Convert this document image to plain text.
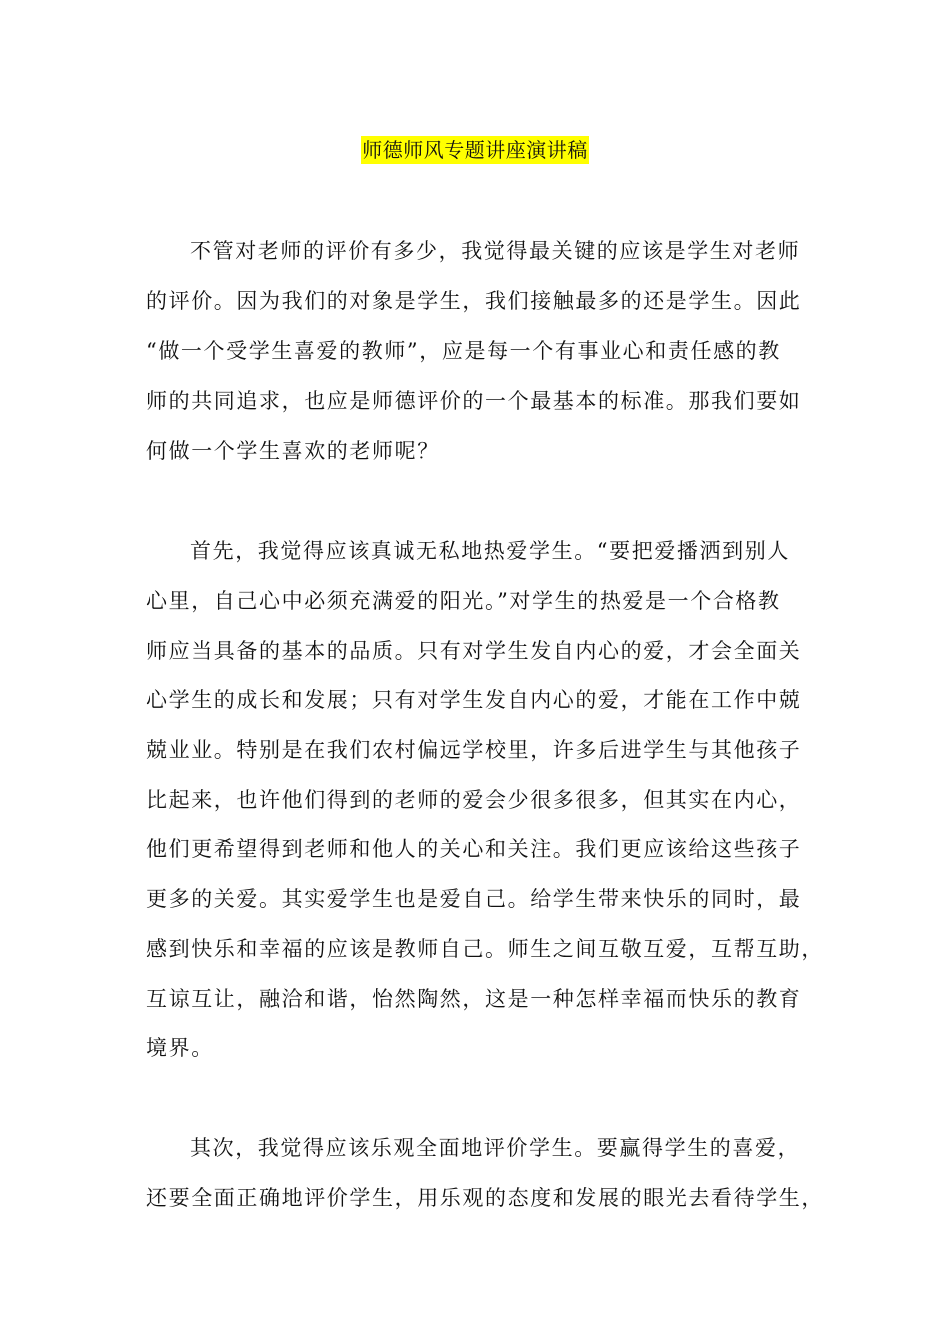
师德师风专题讲座演讲稿
不管对老师的评价有多少，我觉得最关键的应该是学生对老师
的评价。因为我们的对象是学生，我们接触最多的还是学生。因此
“做一个受学生喜爱的教师”，应是每一个有事业心和责任感的教
师的共同追求，也应是师德评价的一个最基本的标准。那我们要如
何做一个学生喜欢的老师呢？
首先，我觉得应该真诚无私地热爱学生。“要把爱播洒到别人
心里，自己心中必须充满爱的阳光。”对学生的热爱是一个合格教
师应当具备的基本的品质。只有对学生发自内心的爱，才会全面关
心学生的成长和发展；只有对学生发自内心的爱，才能在工作中兢
兢业业。特别是在我们农村偏远学校里，许多后进学生与其他孩子
比起来，也许他们得到的老师的爱会少很多很多，但其实在内心，
他们更希望得到老师和他人的关心和关注。我们更应该给这些孩子
更多的关爱。其实爱学生也是爱自己。给学生带来快乐的同时，最
感到快乐和幸福的应该是教师自己。师生之间互敬互爱，互帮互助，
互谅互让，融洽和谐，怡然陶然，这是一种怎样幸福而快乐的教育
境界。
其次，我觉得应该乐观全面地评价学生。要赢得学生的喜爱，
还要全面正确地评价学生，用乐观的态度和发展的眼光去看待学生，
